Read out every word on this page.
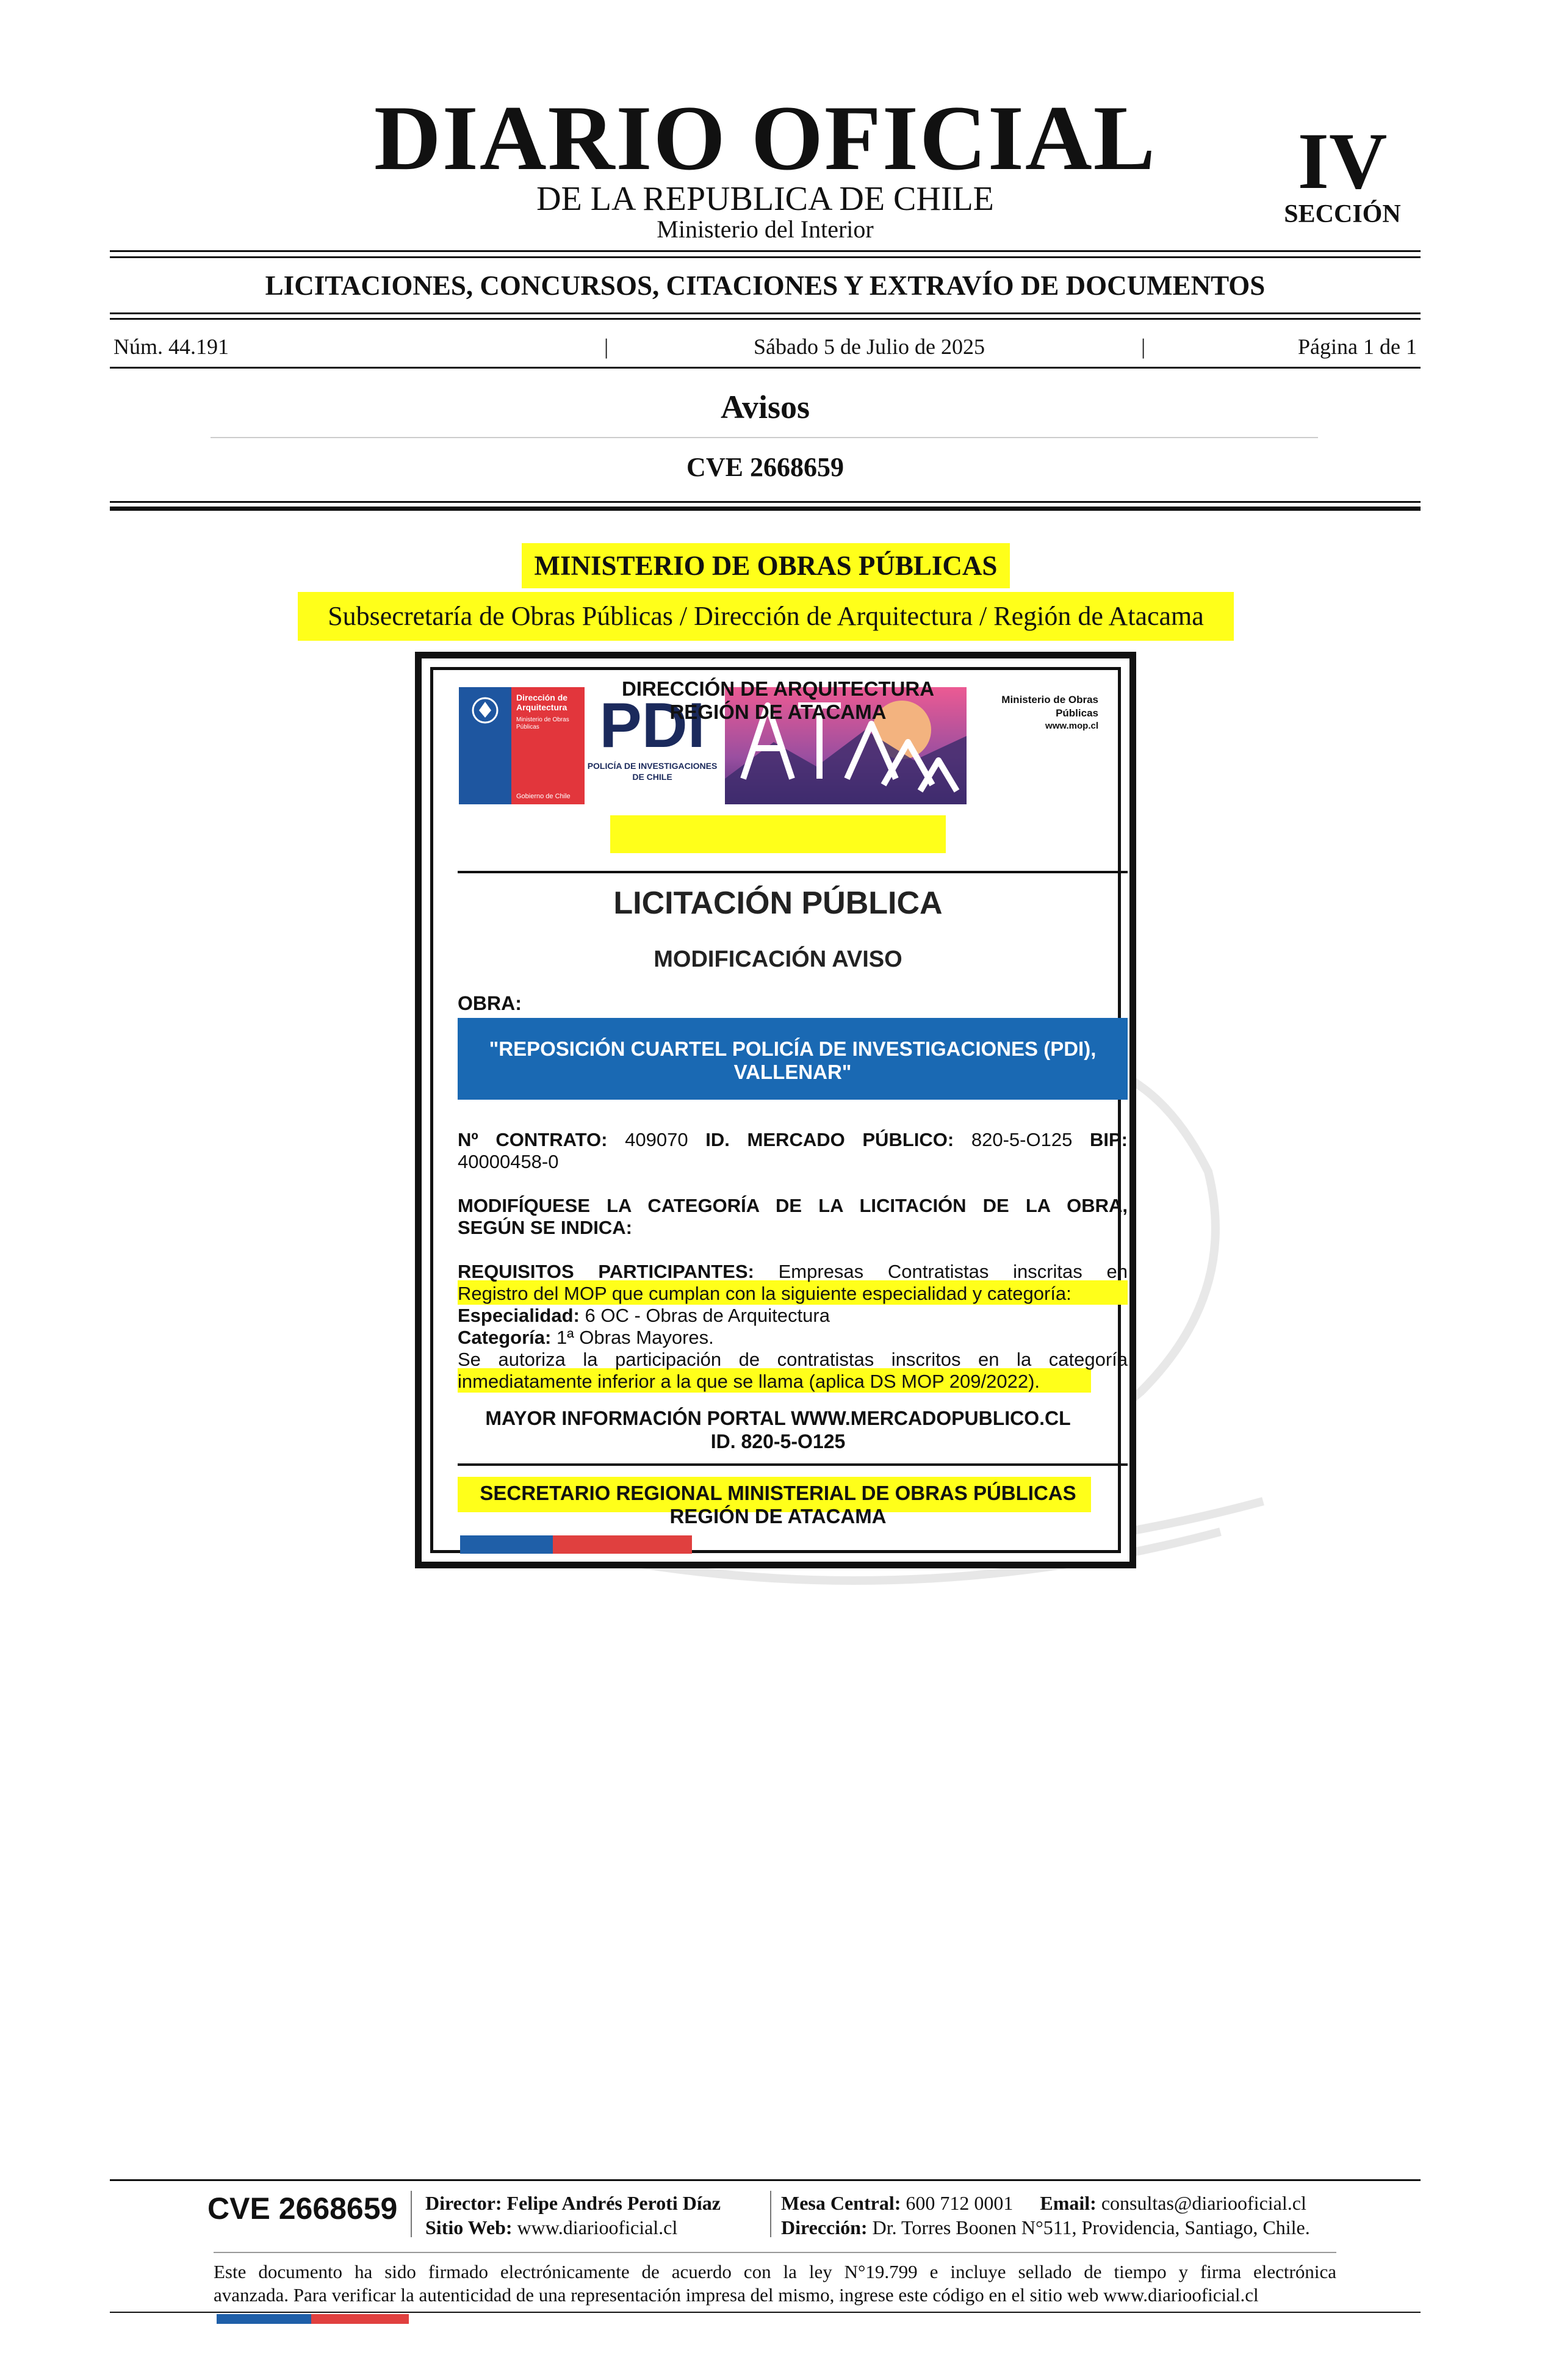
DIARIO OFICIAL
DE LA REPUBLICA DE CHILE
Ministerio del Interior
IV
SECCIÓN
LICITACIONES, CONCURSOS, CITACIONES Y EXTRAVÍO DE DOCUMENTOS
Núm. 44.191	|	Sábado 5 de Julio de 2025	|	Página 1 de 1
Avisos
CVE 2668659
MINISTERIO DE OBRAS PÚBLICAS
Subsecretaría de Obras Públicas / Dirección de Arquitectura / Región de Atacama
Dirección de
Arquitectura
Ministerio de Obras
Públicas
Gobierno de Chile
PDI
POLICÍA DE INVESTIGACIONES
DE CHILE
Ministerio de Obras Públicas
www.mop.cl
DIRECCIÓN DE ARQUITECTURA
REGIÓN DE ATACAMA
LICITACIÓN PÚBLICA
MODIFICACIÓN AVISO
OBRA:
"REPOSICIÓN CUARTEL POLICÍA DE INVESTIGACIONES (PDI),
VALLENAR"
Nº CONTRATO: 409070 ID. MERCADO PÚBLICO: 820-5-O125 BIP:
40000458-0
MODIFÍQUESE LA CATEGORÍA DE LA LICITACIÓN DE LA OBRA,
SEGÚN SE INDICA:
REQUISITOS PARTICIPANTES: Empresas Contratistas inscritas en
Registro del MOP que cumplan con la siguiente especialidad y categoría:
Especialidad: 6 OC - Obras de Arquitectura
Categoría: 1ª Obras Mayores.
Se autoriza la participación de contratistas inscritos en la categoría
inmediatamente inferior a la que se llama (aplica DS MOP 209/2022).
MAYOR INFORMACIÓN PORTAL WWW.MERCADOPUBLICO.CL
ID. 820-5-O125
SECRETARIO REGIONAL MINISTERIAL DE OBRAS PÚBLICAS
REGIÓN DE ATACAMA
CVE 2668659 Director: Felipe Andrés Peroti Díaz
Sitio Web: www.diariooficial.cl
Mesa Central: 600 712 0001 Email: consultas@diariooficial.cl
Dirección: Dr. Torres Boonen N°511, Providencia, Santiago, Chile.
Este documento ha sido firmado electrónicamente de acuerdo con la ley N°19.799 e incluye sellado de tiempo y firma electrónica
avanzada. Para verificar la autenticidad de una representación impresa del mismo, ingrese este código en el sitio web www.diariooficial.cl
